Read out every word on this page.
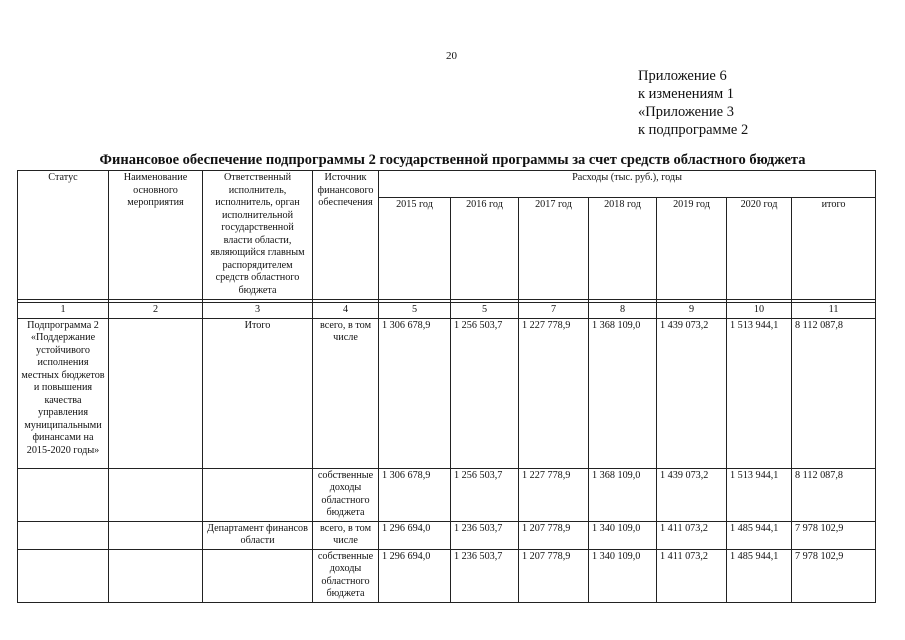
20
Приложение 6
к изменениям 1
«Приложение 3
к подпрограмме 2
Финансовое обеспечение подпрограммы 2 государственной программы за счет средств областного бюджета
Статус	Наименование основного мероприятия	Ответственный исполнитель, исполнитель, орган исполнительной государственной власти области, являющийся главным распорядителем средств областного бюджета	Источник финансового обеспечения	Расходы (тыс. руб.), годы						
				2015 год	2016 год	2017 год	2018 год	2019 год	2020 год	итого

1	2	3	4	5	5	7	8	9	10	11
Подпрограмма 2 «Поддержание устойчивого исполнения местных бюджетов и повышения качества управления муниципальными финансами на 2015-2020 годы»		Итого	всего, в том числе	1 306 678,9	1 256 503,7	1 227 778,9	1 368 109,0	1 439 073,2	1 513 944,1	8 112 087,8
			собственные доходы областного бюджета	1 306 678,9	1 256 503,7	1 227 778,9	1 368 109,0	1 439 073,2	1 513 944,1	8 112 087,8
		Департамент финансов области	всего, в том числе	1 296 694,0	1 236 503,7	1 207 778,9	1 340 109,0	1 411 073,2	1 485 944,1	7 978 102,9
			собственные доходы областного бюджета	1 296 694,0	1 236 503,7	1 207 778,9	1 340 109,0	1 411 073,2	1 485 944,1	7 978 102,9
